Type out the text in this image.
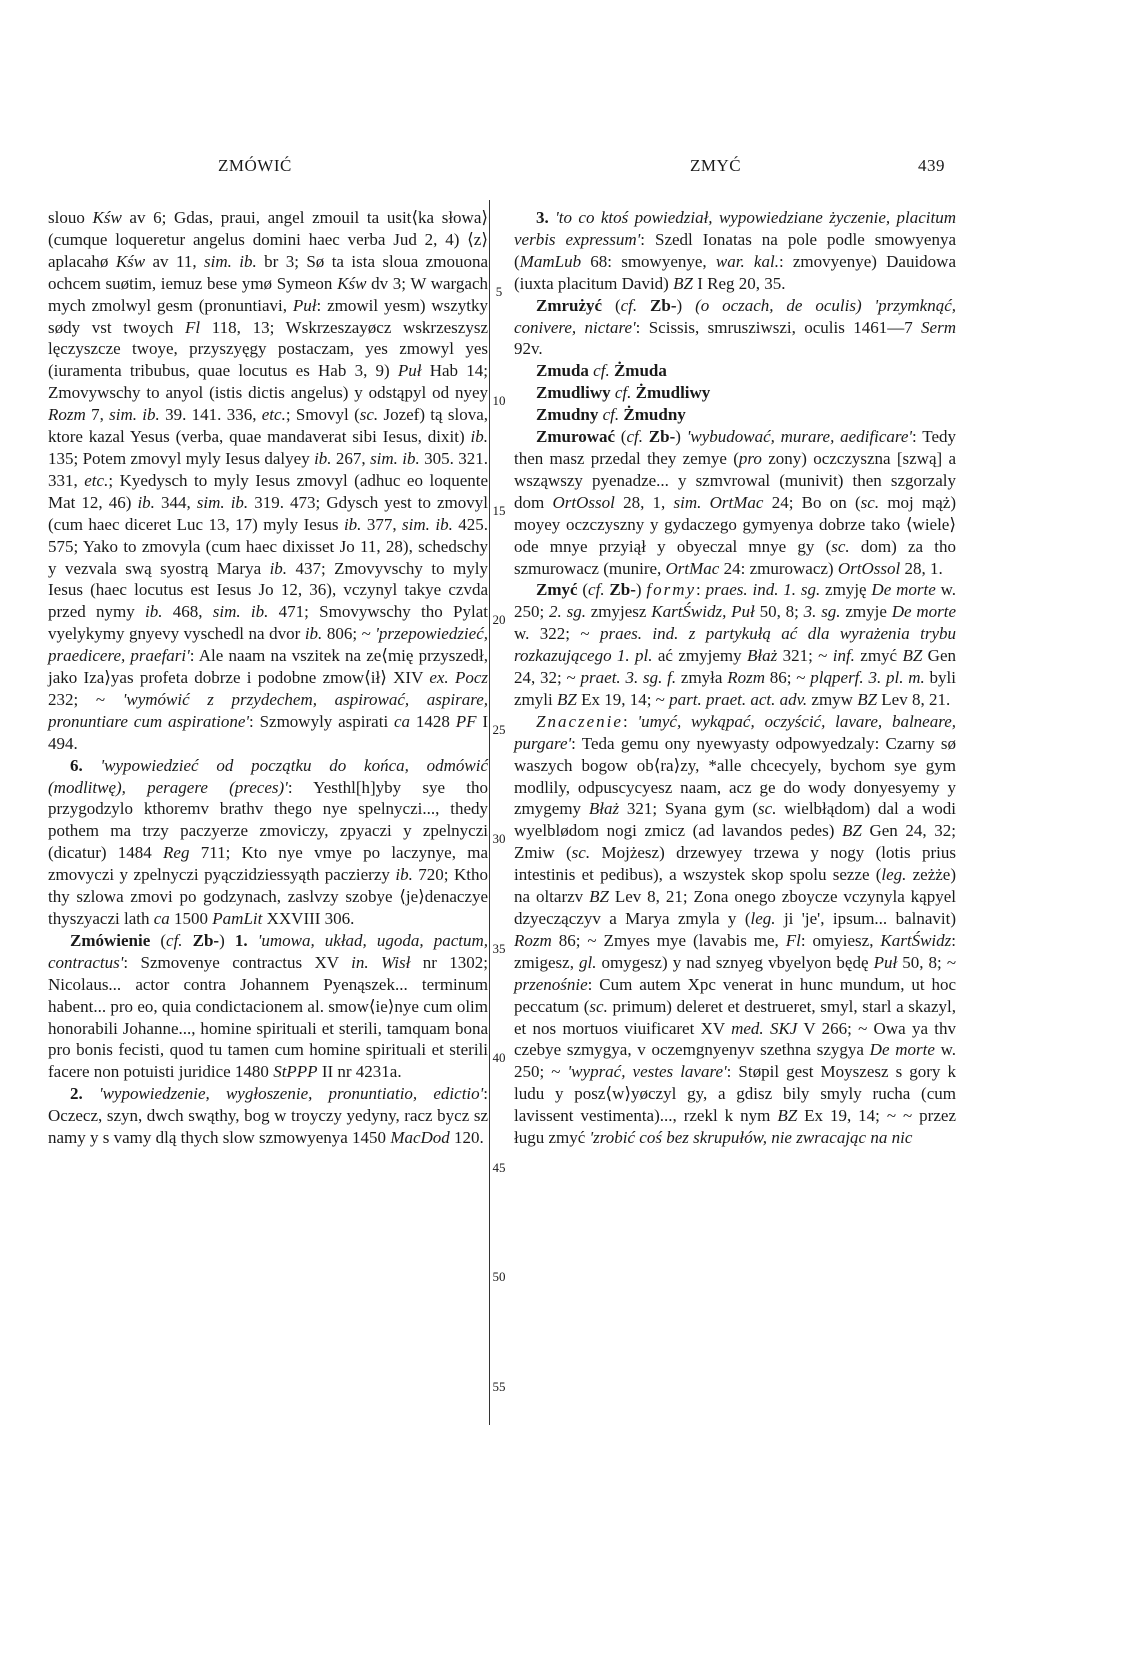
ZMÓWIĆ	ZMYĆ	439
5
10
15
20
25
30
35
40
45
50
55

slouo Kśw av 6; Gdas, praui, angel zmouil ta usit⟨ka słowa⟩ (cumque loqueretur angelus domini haec verba Jud 2, 4) ⟨z⟩aplacahø Kśw av 11, sim. ib. br 3; Sø ta ista sloua zmouona ochcem suøtim, iemuz bese ymø Symeon Kśw dv 3; W wargach mych zmolwyl gesm (pronuntiavi, Puł: zmowil yesm) wszytky sødy vst twoych Fl 118, 13; Wskrzeszayøcz wskrzeszysz lęczyszcze twoye, przyszyęgy postaczam, yes zmowyl yes (iuramenta tribubus, quae locutus es Hab 3, 9) Puł Hab 14; Zmovywschy to anyol (istis dictis angelus) y odstąpyl od nyey Rozm 7, sim. ib. 39. 141. 336, etc.; Smovyl (sc. Jozef) tą slova, ktore kazal Yesus (verba, quae mandaverat sibi Iesus, dixit) ib. 135; Potem zmovyl myly Iesus dalyey ib. 267, sim. ib. 305. 321. 331, etc.; Kyedysch to myly Iesus zmovyl (adhuc eo loquente Mat 12, 46) ib. 344, sim. ib. 319. 473; Gdysch yest to zmovyl (cum haec diceret Luc 13, 17) myly Iesus ib. 377, sim. ib. 425. 575; Yako to zmovyla (cum haec dixisset Jo 11, 28), schedschy y vezvala swą syostrą Marya ib. 437; Zmovyvschy to myly Iesus (haec locutus est Iesus Jo 12, 36), vczynyl takye czvda przed nymy ib. 468, sim. ib. 471; Smovywschy tho Pylat vyelykymy gnyevy vyschedl na dvor ib. 806; ~ 'przepowiedzieć, praedicere, praefari': Ale naam na vszitek na ze⟨mię przyszedł, jako Iza⟩yas profeta dobrze i podobne zmow⟨ił⟩ XIV ex. Pocz 232; ~ 'wymówić z przydechem, aspirować, aspirare, pronuntiare cum aspiratione': Szmowyly aspirati ca 1428 PF I 494.

6. 'wypowiedzieć od początku do końca, odmówić (modlitwę), peragere (preces)': Yesthl[h]yby sye tho przygodzylo kthoremv brathv thego nye spelnyczi..., thedy pothem ma trzy paczyerze zmoviczy, zpyaczi y zpelnyczi (dicatur) 1484 Reg 711; Kto nye vmye po laczynye, ma zmovyczi y zpelnyczi pyączidziessyąth paczierzy ib. 720; Ktho thy szlowa zmovi po godzynach, zaslvzy szobye ⟨je⟩denaczye thyszyaczi lath ca 1500 PamLit XXVIII 306.

Zmówienie (cf. Zb-) 1. 'umowa, układ, ugoda, pactum, contractus': Szmovenye contractus XV in. Wisł nr 1302; Nicolaus... actor contra Johannem Pyenąszek... terminum habent... pro eo, quia condictacionem al. smow⟨ie⟩nye cum olim honorabili Johanne..., homine spirituali et sterili, tamquam bona pro bonis fecisti, quod tu tamen cum homine spirituali et sterili facere non potuisti juridice 1480 StPPP II nr 4231a.

2. 'wypowiedzenie, wygłoszenie, pronuntiatio, edictio': Oczecz, szyn, dwch swąthy, bog w troyczy yedyny, racz bycz sz namy y s vamy dlą thych slow szmowyenya 1450 MacDod 120.

3. 'to co ktoś powiedział, wypowiedziane życzenie, placitum verbis expressum': Szedl Ionatas na pole podle smowyenya (MamLub 68: smowyenye, war. kal.: zmovyenye) Dauidowa (iuxta placitum David) BZ I Reg 20, 35.

Zmrużyć (cf. Zb-) (o oczach, de oculis) 'przymknąć, conivere, nictare': Scissis, smrusziwszi, oculis 1461—7 Serm 92v.

Zmuda cf. Żmuda

Zmudliwy cf. Żmudliwy

Zmudny cf. Żmudny

Zmurować (cf. Zb-) 'wybudować, murare, aedificare': Tedy then masz przedal they zemye (pro zony) oczczyszna [szwą] a wsząwszy pyenadze... y szmvrowal (munivit) then szgorzaly dom OrtOssol 28, 1, sim. OrtMac 24; Bo on (sc. moj mąż) moyey oczczyszny y gydaczego gymyenya dobrze tako ⟨wiele⟩ ode mnye przyiął y obyeczal mnye gy (sc. dom) za tho szmurowacz (munire, OrtMac 24: zmurowacz) OrtOssol 28, 1.

Zmyć (cf. Zb-) formy: praes. ind. 1. sg. zmyję De morte w. 250; 2. sg. zmyjesz KartŚwidz, Puł 50, 8; 3. sg. zmyje De morte w. 322; ~ praes. ind. z partykułą ać dla wyrażenia trybu rozkazującego 1. pl. ać zmyjemy Błaż 321; ~ inf. zmyć BZ Gen 24, 32; ~ praet. 3. sg. f. zmyła Rozm 86; ~ plqperf. 3. pl. m. byli zmyli BZ Ex 19, 14; ~ part. praet. act. adv. zmyw BZ Lev 8, 21.

Znaczenie: 'umyć, wykąpać, oczyścić, lavare, balneare, purgare': Teda gemu ony nyewyasty odpowyedzaly: Czarny sø waszych bogow ob⟨ra⟩zy, *alle chcecyely, bychom sye gym modlily, odpuscycyesz naam, acz ge do wody donyesyemy y zmygemy Błaż 321; Syana gym (sc. wielbłądom) dal a wodi wyelblødom nogi zmicz (ad lavandos pedes) BZ Gen 24, 32; Zmiw (sc. Mojżesz) drzewyey trzewa y nogy (lotis prius intestinis et pedibus), a wszystek skop spolu sezze (leg. zeżże) na oltarzv BZ Lev 8, 21; Zona onego zboycze vczynyla kąpyel dzyeczączyv a Marya zmyla y (leg. ji 'je', ipsum... balnavit) Rozm 86; ~ Zmyes mye (lavabis me, Fl: omyiesz, KartŚwidz: zmigesz, gl. omygesz) y nad sznyeg vbyelyon będę Puł 50, 8; ~ przenośnie: Cum autem Xpc venerat in hunc mundum, ut hoc peccatum (sc. primum) deleret et destrueret, smyl, starl a skazyl, et nos mortuos viuificaret XV med. SKJ V 266; ~ Owa ya thv czebye szmygya, v oczemgnyenyv szethna szygya De morte w. 250; ~ 'wyprać, vestes lavare': Støpil gest Moyszesz s gory k ludu y posz⟨w⟩yøczyl gy, a gdisz bily smyly rucha (cum lavissent vestimenta)..., rzekl k nym BZ Ex 19, 14; ~ ~ przez ługu zmyć 'zrobić coś bez skrupułów, nie zwracając na nic
